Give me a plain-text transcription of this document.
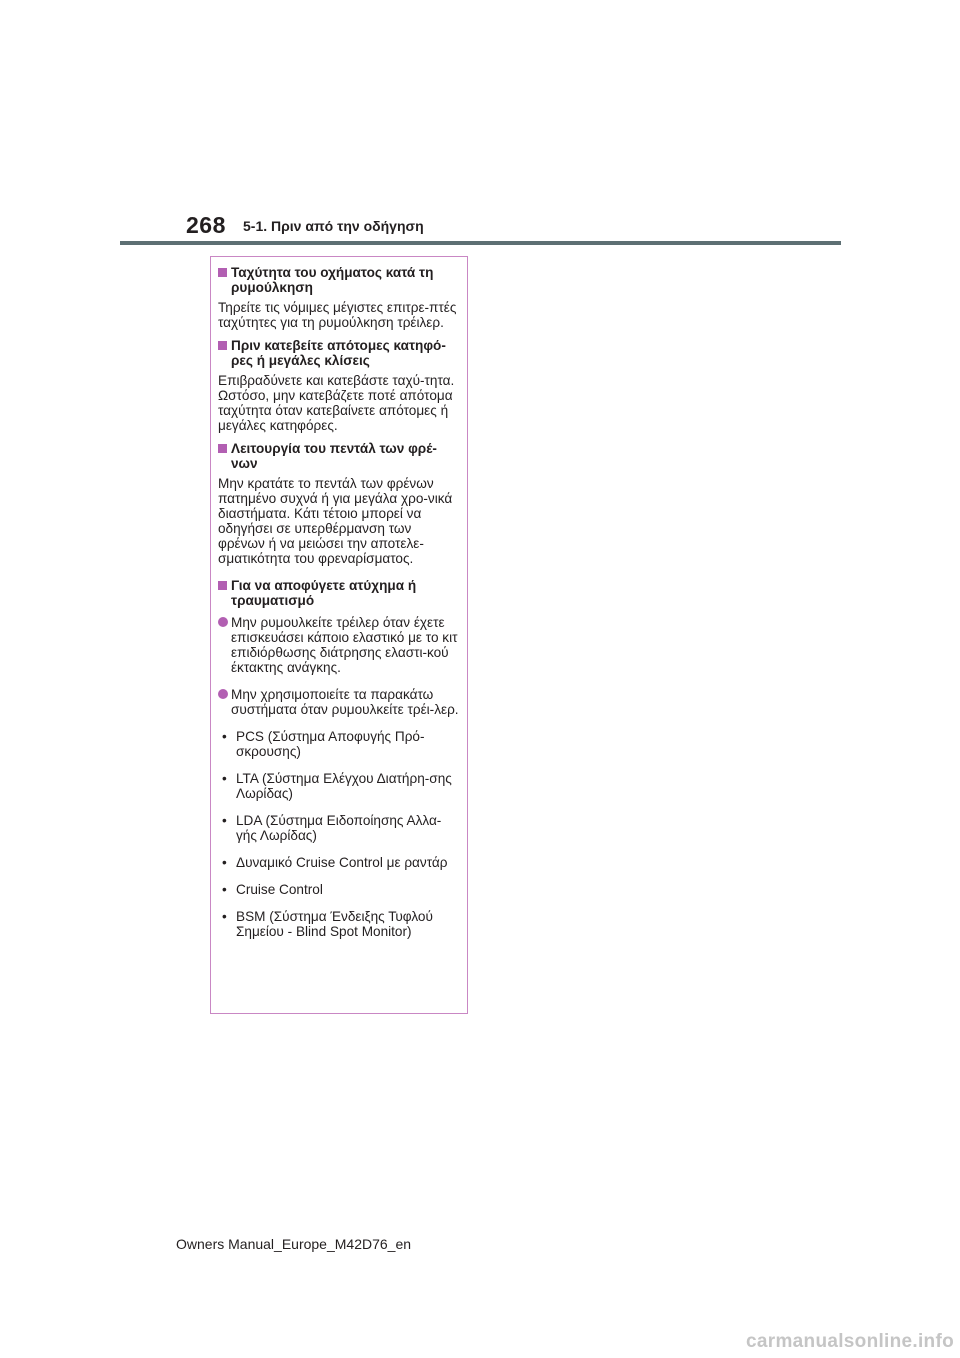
268 5-1. Πριν από την οδήγηση
Ταχύτητα του οχήματος κατά τη ρυμούλκηση
Τηρείτε τις νόμιμες μέγιστες επιτρε-πτές ταχύτητες για τη ρυμούλκηση τρέιλερ.
Πριν κατεβείτε απότομες κατηφό-ρες ή μεγάλες κλίσεις
Επιβραδύνετε και κατεβάστε ταχύ-τητα. Ωστόσο, μην κατεβάζετε ποτέ απότομα ταχύτητα όταν κατεβαίνετε απότομες ή μεγάλες κατηφόρες.
Λειτουργία του πεντάλ των φρέ-νων
Μην κρατάτε το πεντάλ των φρένων πατημένο συχνά ή για μεγάλα χρο-νικά διαστήματα. Κάτι τέτοιο μπορεί να οδηγήσει σε υπερθέρμανση των φρένων ή να μειώσει την αποτελε-σματικότητα του φρεναρίσματος.
Για να αποφύγετε ατύχημα ή τραυματισμό
Μην ρυμουλκείτε τρέιλερ όταν έχετε επισκευάσει κάποιο ελαστικό με το κιτ επιδιόρθωσης διάτρησης ελαστι-κού έκτακτης ανάγκης.
Μην χρησιμοποιείτε τα παρακάτω συστήματα όταν ρυμουλκείτε τρέι-λερ.
• PCS (Σύστημα Αποφυγής Πρό-σκρουσης)
• LTA (Σύστημα Ελέγχου Διατήρη-σης Λωρίδας)
• LDA (Σύστημα Ειδοποίησης Αλλα-γής Λωρίδας)
• Δυναμικό Cruise Control με ραντάρ
• Cruise Control
• BSM (Σύστημα Ένδειξης Τυφλού Σημείου - Blind Spot Monitor)
Owners Manual_Europe_M42D76_en
carmanualsonline.info
